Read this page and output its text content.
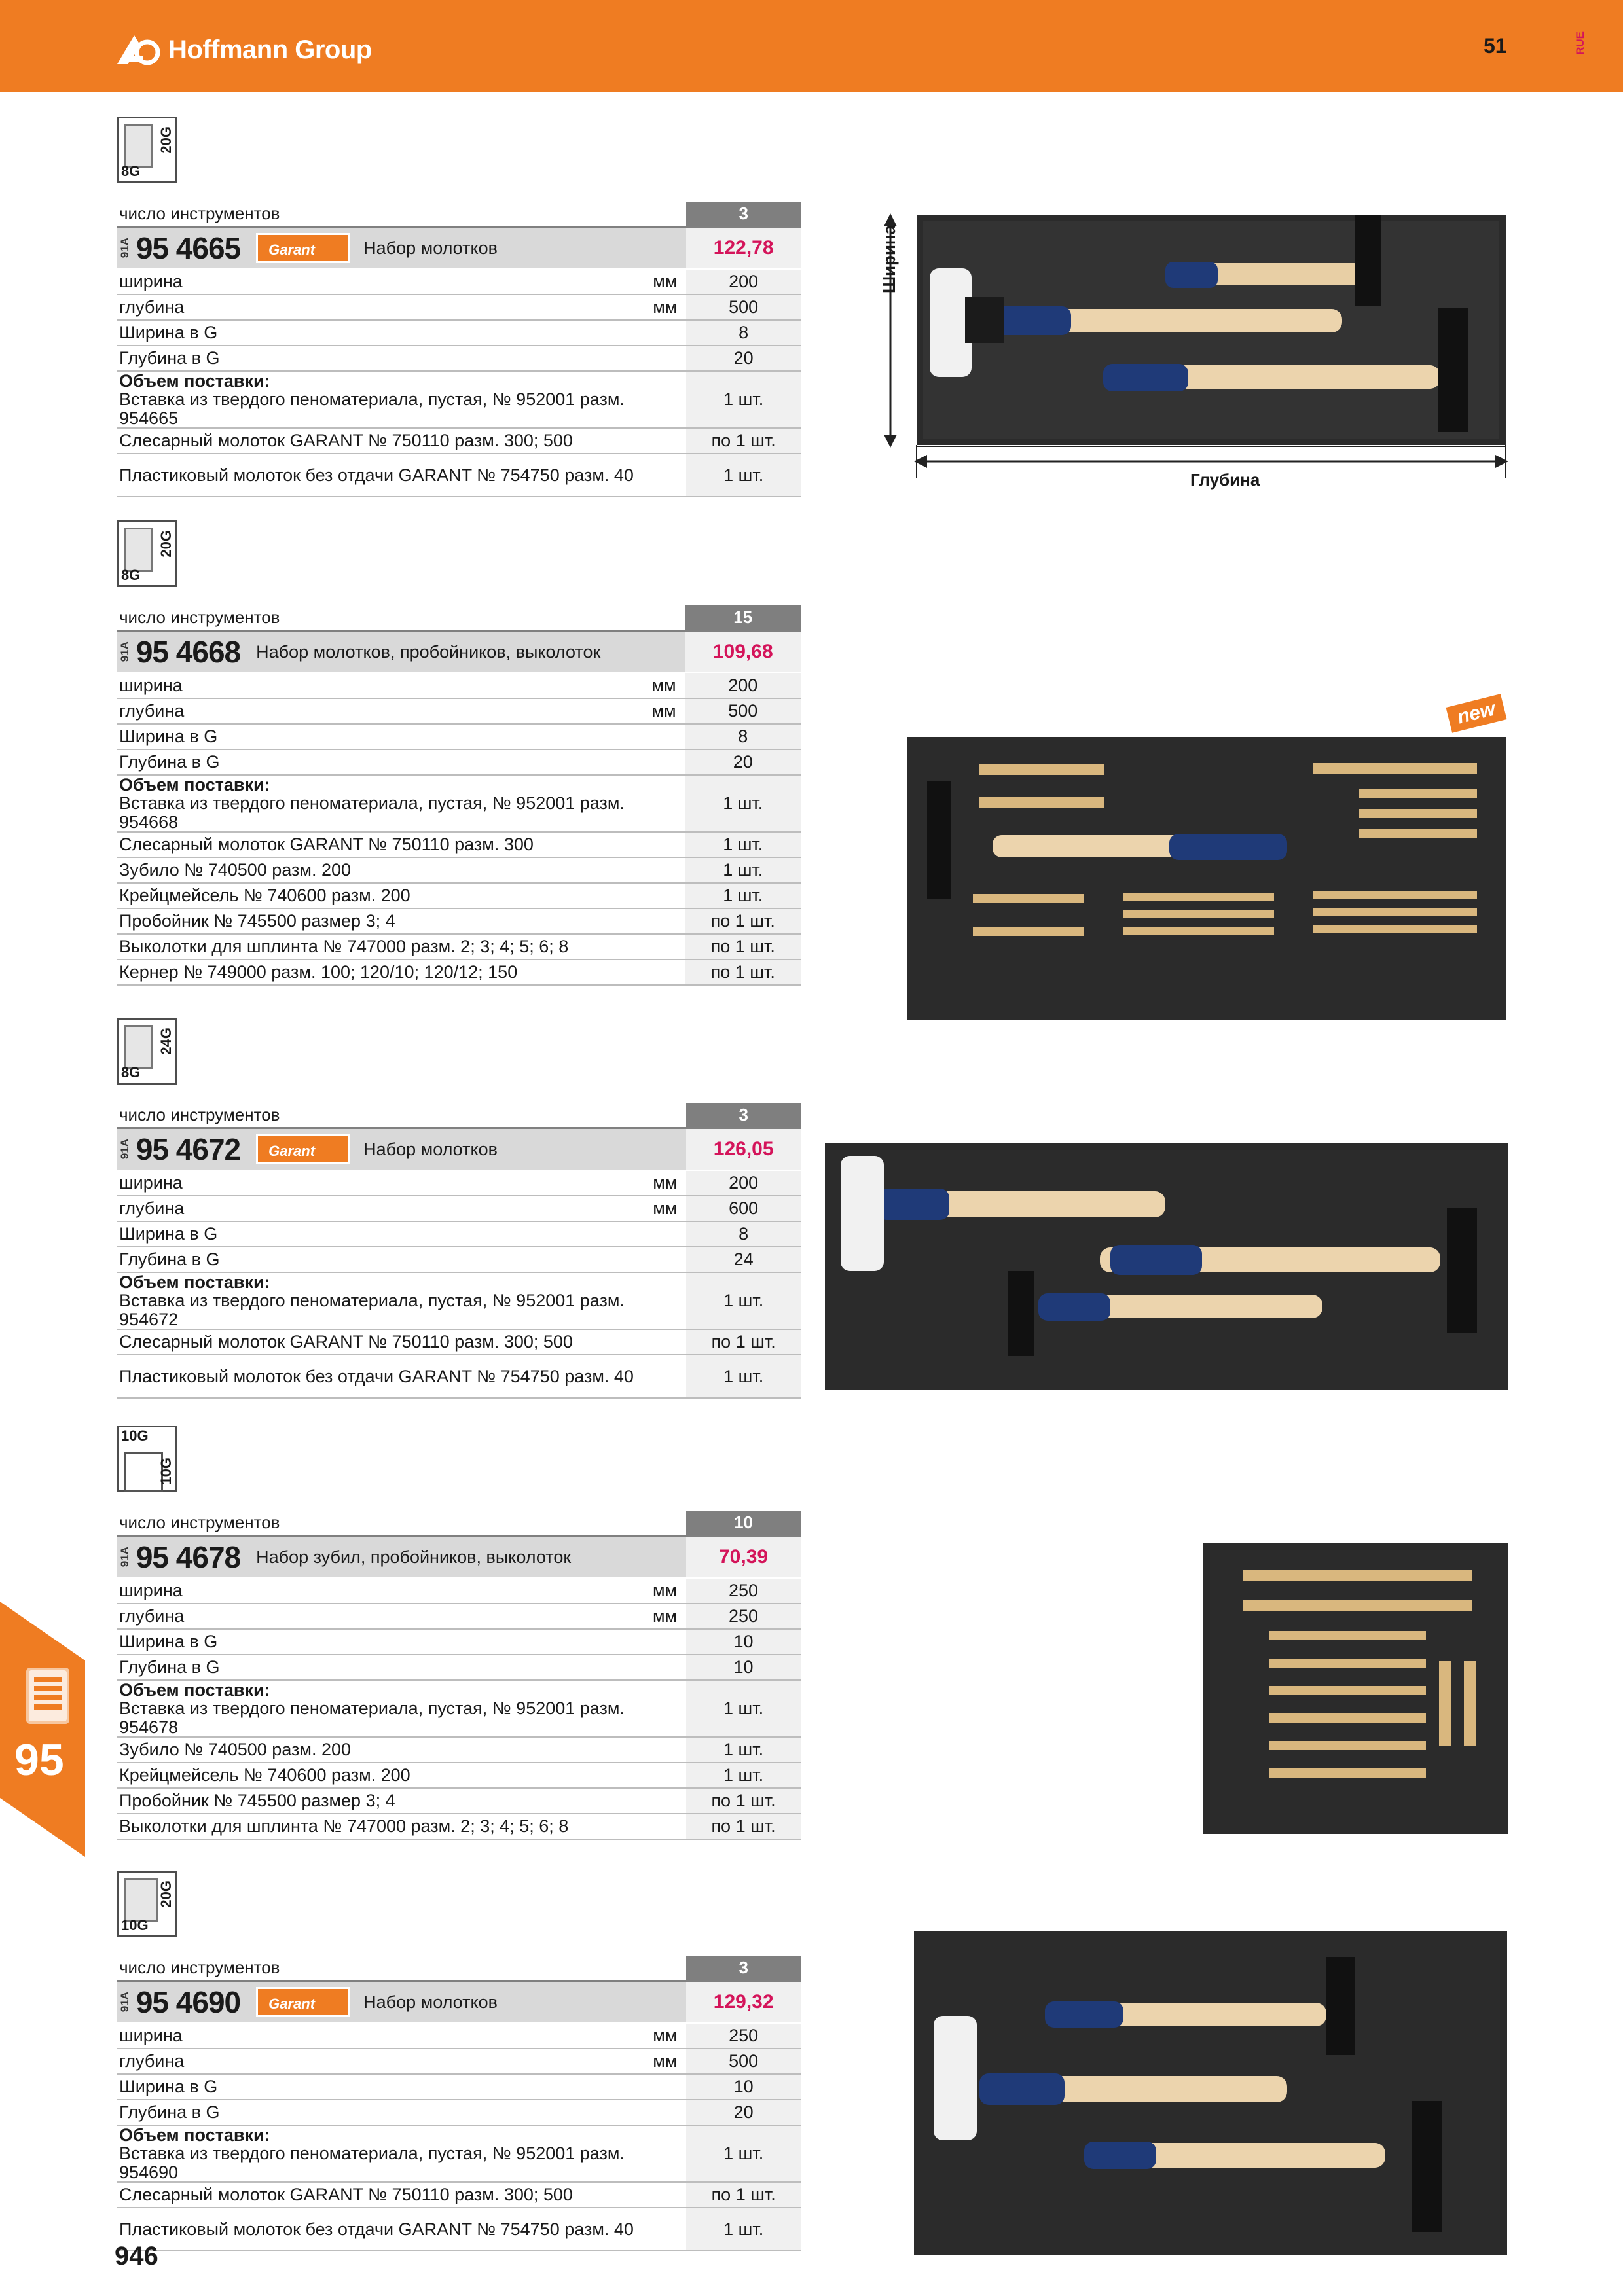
Hoffmann Group	51	RUE
95
8G
20G
число инструментов		3

91A 95 4665 Garant Набор молотков		122,78
ширина	мм	200
глубина	мм	500
Ширина в G		8
Глубина в G		20

Объем поставки:
Вставка из твердого пеноматериала, пустая, № 952001 разм. 954665		1 шт.
Слесарный молоток GARANT № 750110 разм. 300; 500		по 1 шт.
Пластиковый молоток без отдачи GARANT № 754750 разм. 40		1 шт.
Ширина
Глубина
8G
20G
число инструментов		15

91A 95 4668 Набор молотков, пробойников, выколоток		109,68
ширина	мм	200
глубина	мм	500
Ширина в G		8
Глубина в G		20

Объем поставки:
Вставка из твердого пеноматериала, пустая, № 952001 разм. 954668		1 шт.
Слесарный молоток GARANT № 750110 разм. 300		1 шт.
Зубило № 740500 разм. 200		1 шт.
Крейцмейсель № 740600 разм. 200		1 шт.
Пробойник № 745500 размер 3; 4		по 1 шт.
Выколотки для шплинта № 747000 разм. 2; 3; 4; 5; 6; 8		по 1 шт.
Кернер № 749000 разм. 100; 120/10; 120/12; 150		по 1 шт.
new
8G
24G
число инструментов		3

91A 95 4672 Garant Набор молотков		126,05
ширина	мм	200
глубина	мм	600
Ширина в G		8
Глубина в G		24

Объем поставки:
Вставка из твердого пеноматериала, пустая, № 952001 разм. 954672		1 шт.
Слесарный молоток GARANT № 750110 разм. 300; 500		по 1 шт.
Пластиковый молоток без отдачи GARANT № 754750 разм. 40		1 шт.
10G
10G
число инструментов		10

91A 95 4678 Набор зубил, пробойников, выколоток		70,39
ширина	мм	250
глубина	мм	250
Ширина в G		10
Глубина в G		10

Объем поставки:
Вставка из твердого пеноматериала, пустая, № 952001 разм. 954678		1 шт.
Зубило № 740500 разм. 200		1 шт.
Крейцмейсель № 740600 разм. 200		1 шт.
Пробойник № 745500 размер 3; 4		по 1 шт.
Выколотки для шплинта № 747000 разм. 2; 3; 4; 5; 6; 8		по 1 шт.
10G
20G
число инструментов		3

91A 95 4690 Garant Набор молотков		129,32
ширина	мм	250
глубина	мм	500
Ширина в G		10
Глубина в G		20

Объем поставки:
Вставка из твердого пеноматериала, пустая, № 952001 разм. 954690		1 шт.
Слесарный молоток GARANT № 750110 разм. 300; 500		по 1 шт.
Пластиковый молоток без отдачи GARANT № 754750 разм. 40		1 шт.
946
